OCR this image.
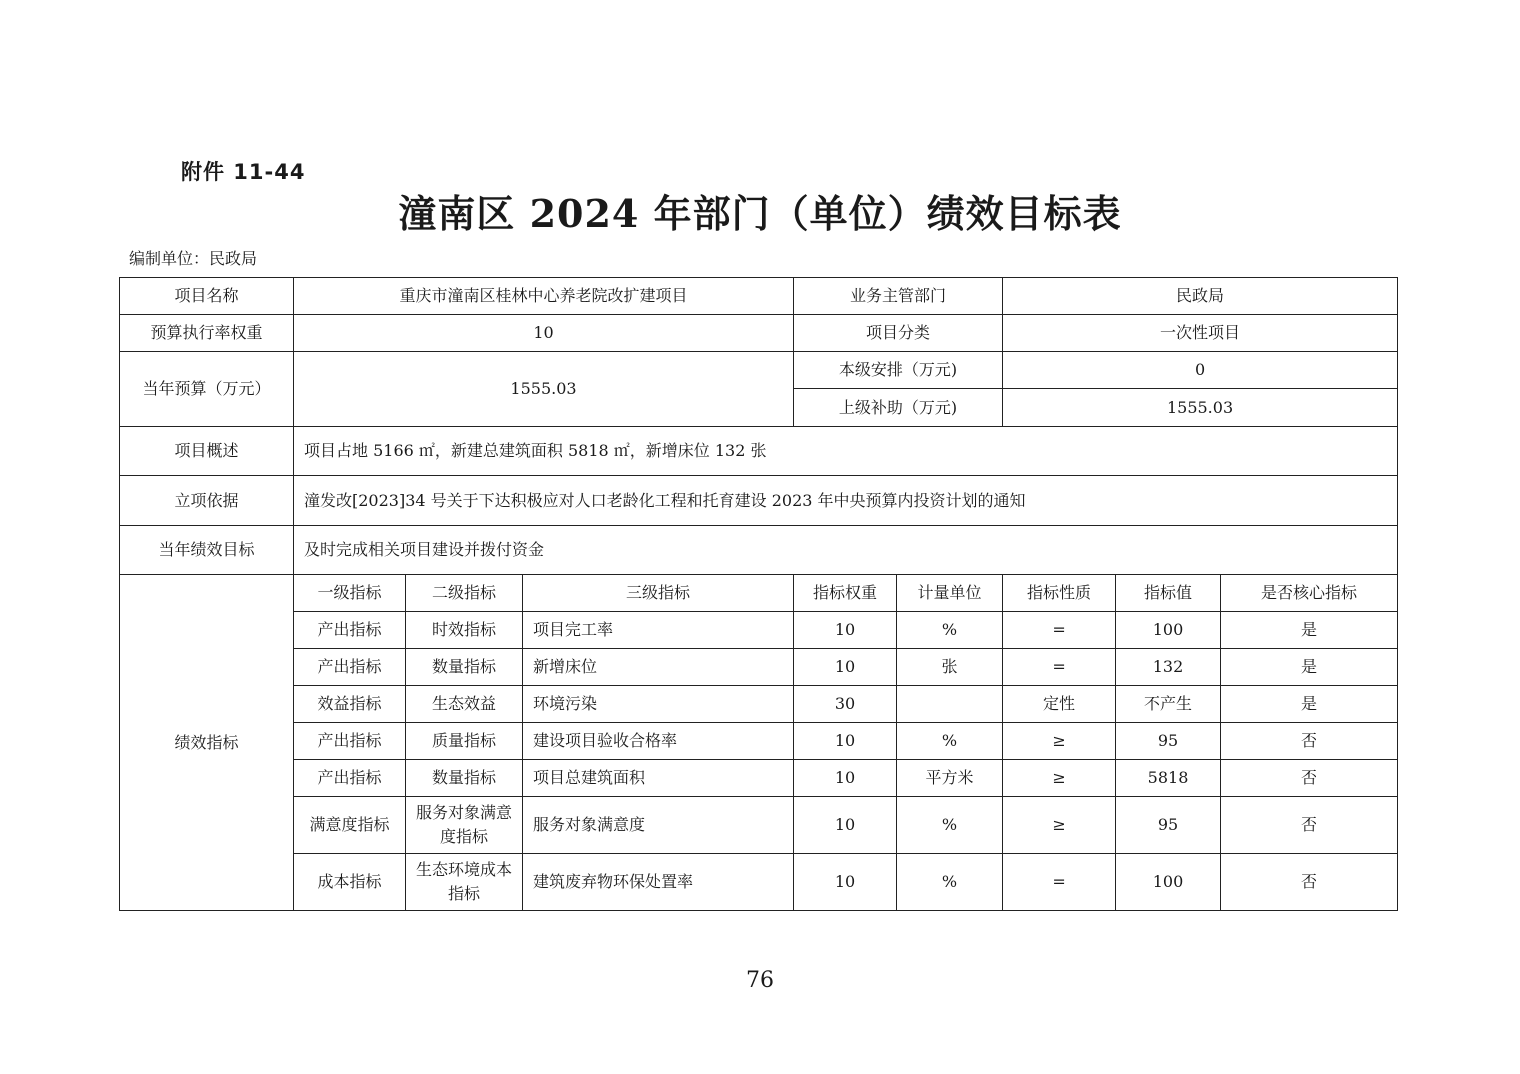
附件 11-44
潼南区 2024 年部门（单位）绩效目标表
编制单位：民政局
项目名称	重庆市潼南区桂林中心养老院改扩建项目			业务主管部门		民政局		
预算执行率权重	10			项目分类		一次性项目		
当年预算（万元）	1555.03			本级安排（万元)		0		
				上级补助（万元)		1555.03		
项目概述	项目占地 5166 ㎡，新建总建筑面积 5818 ㎡，新增床位 132 张							
立项依据	潼发改[2023]34 号关于下达积极应对人口老龄化工程和托育建设 2023 年中央预算内投资计划的通知							
当年绩效目标	及时完成相关项目建设并拨付资金							
绩效指标	一级指标	二级指标	三级指标	指标权重	计量单位	指标性质	指标值	是否核心指标
	产出指标	时效指标	项目完工率	10	%	=	100	是
	产出指标	数量指标	新增床位	10	张	=	132	是
	效益指标	生态效益	环境污染	30		定性	不产生	是
	产出指标	质量指标	建设项目验收合格率	10	%	≥	95	否
	产出指标	数量指标	项目总建筑面积	10	平方米	≥	5818	否
	满意度指标	服务对象满意度指标	服务对象满意度	10	%	≥	95	否
	成本指标	生态环境成本指标	建筑废弃物环保处置率	10	%	=	100	否
76
